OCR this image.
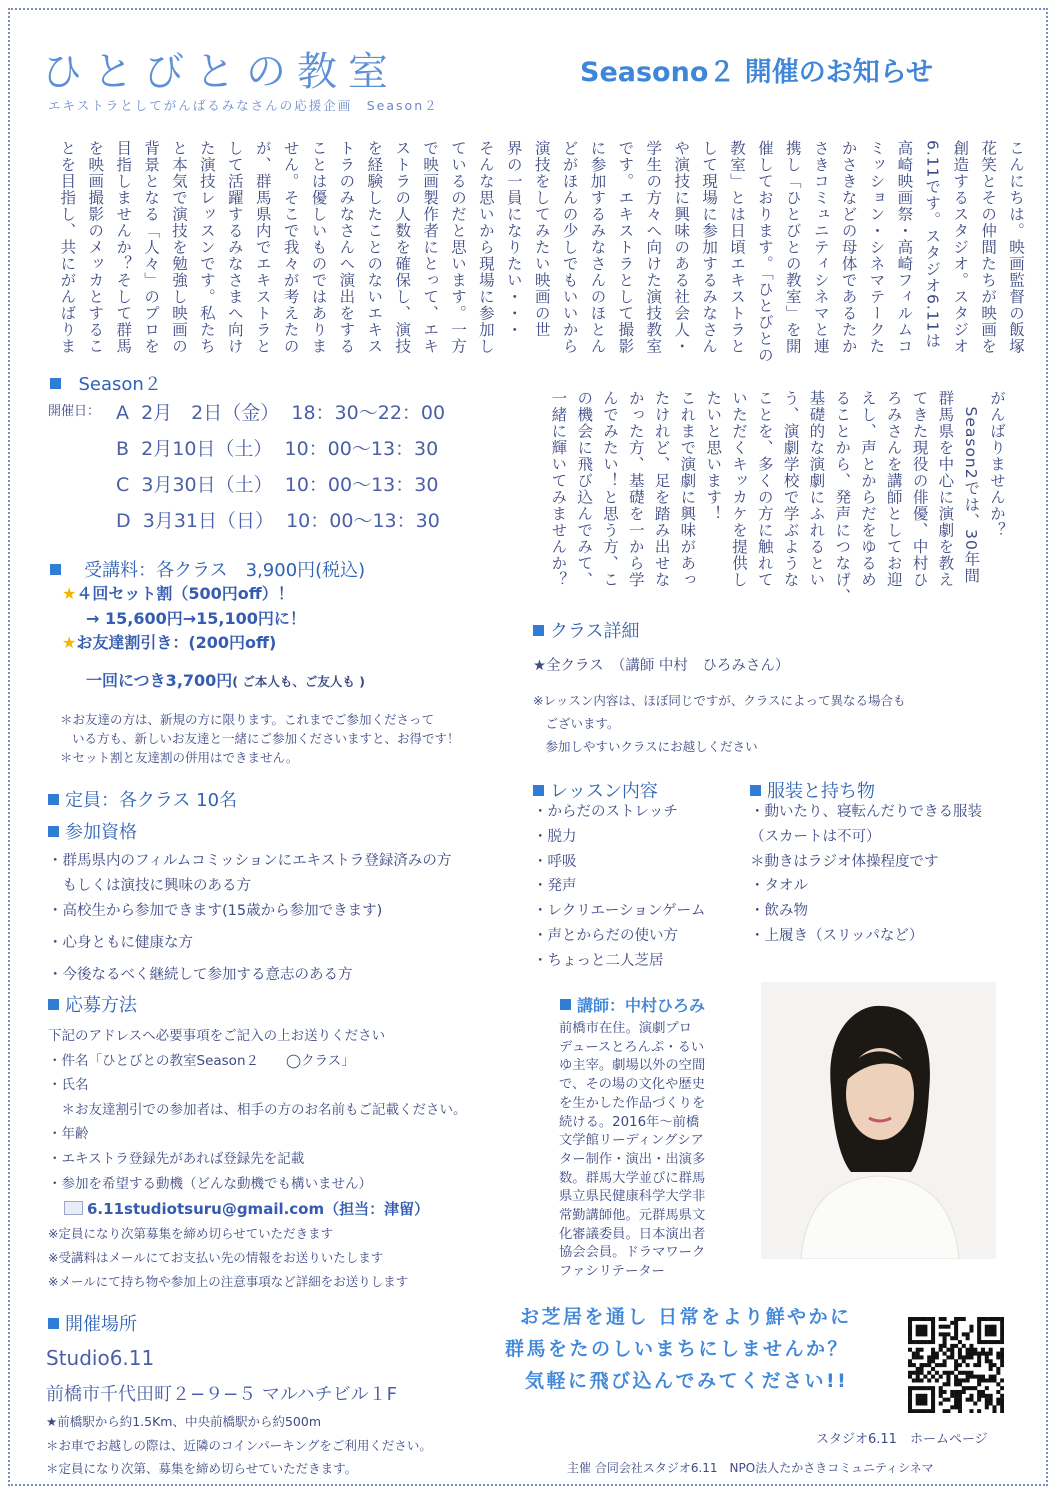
ひとびとの教室
エキストラとしてがんばるみなさんの応援企画　Season２
Seasono２ 開催のお知らせ
こんにちは。映画監督の飯塚
花笑とその仲間たちが映画を
創造するスタジオ。スタジオ
6.11です。スタジオ6.11は
高崎映画祭・高崎フィルムコ
ミッション・シネマテークた
かさきなどの母体であるたか
さきコミュニティシネマと連
携し「ひとびとの教室」を開
催しております。「ひとびとの
教室」とは日頃エキストラと
して現場に参加するみなさん
や演技に興味のある社会人・
学生の方々へ向けた演技教室
です。エキストラとして撮影
に参加するみなさんのほとん
どがほんの少しでもいいから
演技をしてみたい映画の世
界の一員になりたい・・・
そんな思いから現場に参加し
ているのだと思います。一方
で映画製作者にとって、エキ
ストラの人数を確保し、演技
を経験したことのないエキス
トラのみなさんへ演出をする
ことは優しいものではありま
せん。そこで我々が考えたの
が、群馬県内でエキストラと
して活躍するみなさまへ向け
た演技レッスンです。私たち
と本気で演技を勉強し映画の
背景となる「人々」のプロを
目指しませんか？そして群馬
を映画撮影のメッカとするこ
とを目指し、共にがんばりま
がんばりませんか？
　Season2では、30年間
群馬県を中心に演劇を教え
てきた現役の俳優、中村ひ
ろみさんを講師としてお迎
えし、声とからだをゆるめ
ることから、発声につなげ、
基礎的な演劇にふれるとい
う、演劇学校で学ぶような
ことを、多くの方に触れて
いただくキッカケを提供し
たいと思います！
これまで演劇に興味があっ
たけれど、足を踏み出せな
かった方、基礎を一から学
んでみたい！と思う方、こ
の機会に飛び込んでみて、
一緒に輝いてみませんか？
Season２
開催日： A 2月　2日（金） 18：30〜22：00
B 2月10日（土） 10：00〜13：30
C 3月30日（土） 10：00〜13：30
D 3月31日（日） 10：00〜13：30
受講料：各クラス　3,900円(税込)
★４回セット割（500円off）！
→ 15,600円→15,100円に！
★お友達割引き：(200円off)
一回につき3,700円( ご本人も、ご友人も )
＊お友達の方は、新規の方に限ります。これまでご参加くださって
いる方も、新しいお友達と一緒にご参加くださいますと、お得です！
＊セット割と友達割の併用はできません。
定員：各クラス 10名
参加資格
・群馬県内のフィルムコミッションにエキストラ登録済みの方
　もしくは演技に興味のある方
・高校生から参加できます(15歳から参加できます)
・心身ともに健康な方
・今後なるべく継続して参加する意志のある方
応募方法
下記のアドレスへ必要事項をご記入の上お送りください
・件名「ひとびとの教室Season２　　◯クラス」
・氏名
　＊お友達割引での参加者は、相手の方のお名前もご記載ください。
・年齢
・エキストラ登録先があれば登録先を記載
・参加を希望する動機（どんな動機でも構いません）
6.11studiotsuru@gmail.com（担当：津留）
※定員になり次第募集を締め切らせていただきます
※受講料はメールにてお支払い先の情報をお送りいたします
※メールにて持ち物や参加上の注意事項など詳細をお送りします
開催場所
Studio6.11
前橋市千代田町２−９−５ マルハチビル１F
★前橋駅から約1.5Km、中央前橋駅から約500m
＊お車でお越しの際は、近隣のコインパーキングをご利用ください。
＊定員になり次第、募集を締め切らせていただきます。
クラス詳細
★全クラス　（講師 中村　ひろみさん）
※レッスン内容は、ほぼ同じですが、クラスによって異なる場合も
　ございます。
　参加しやすいクラスにお越しください
レッスン内容
・からだのストレッチ
・脱力
・呼吸
・発声
・レクリエーションゲーム
・声とからだの使い方
・ちょっと二人芝居
服装と持ち物
・動いたり、寝転んだりできる服装
（スカートは不可）
＊動きはラジオ体操程度です
・タオル
・飲み物
・上履き（スリッパなど）
講師：中村ひろみ
前橋市在住。演劇プロ
デュースとろんぷ・るい
ゆ主宰。劇場以外の空間
で、その場の文化や歴史
を生かした作品づくりを
続ける。2016年〜前橋
文学館リーディングシア
ター制作・演出・出演多
数。群馬大学並びに群馬
県立県民健康科学大学非
常勤講師他。元群馬県文
化審議委員。日本演出者
協会会員。ドラマワーク
ファシリテーター
お芝居を通し 日常をより鮮やかに
群馬をたのしいまちにしませんか？
気軽に飛び込んでみてください!!
スタジオ6.11　ホームページ
主催 合同会社スタジオ6.11　NPO法人たかさきコミュニティシネマ
